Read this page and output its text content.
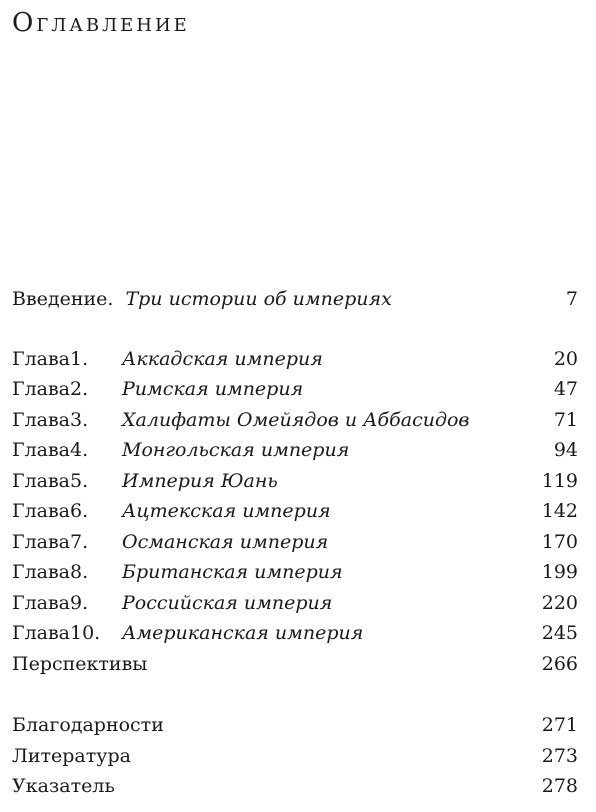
Оглавление
Введение. Три истории об империях	7
Глава 1.	Аккадская империя	20
Глава 2.	Римская империя	47
Глава 3.	Халифаты Омейядов и Аббасидов	71
Глава 4.	Монгольская империя	94
Глава 5.	Империя Юань	119
Глава 6.	Ацтекская империя	142
Глава 7.	Османская империя	170
Глава 8.	Британская империя	199
Глава 9.	Российская империя	220
Глава 10.	Американская империя	245
Перспективы	266
Благодарности	271
Литература	273
Указатель	278
